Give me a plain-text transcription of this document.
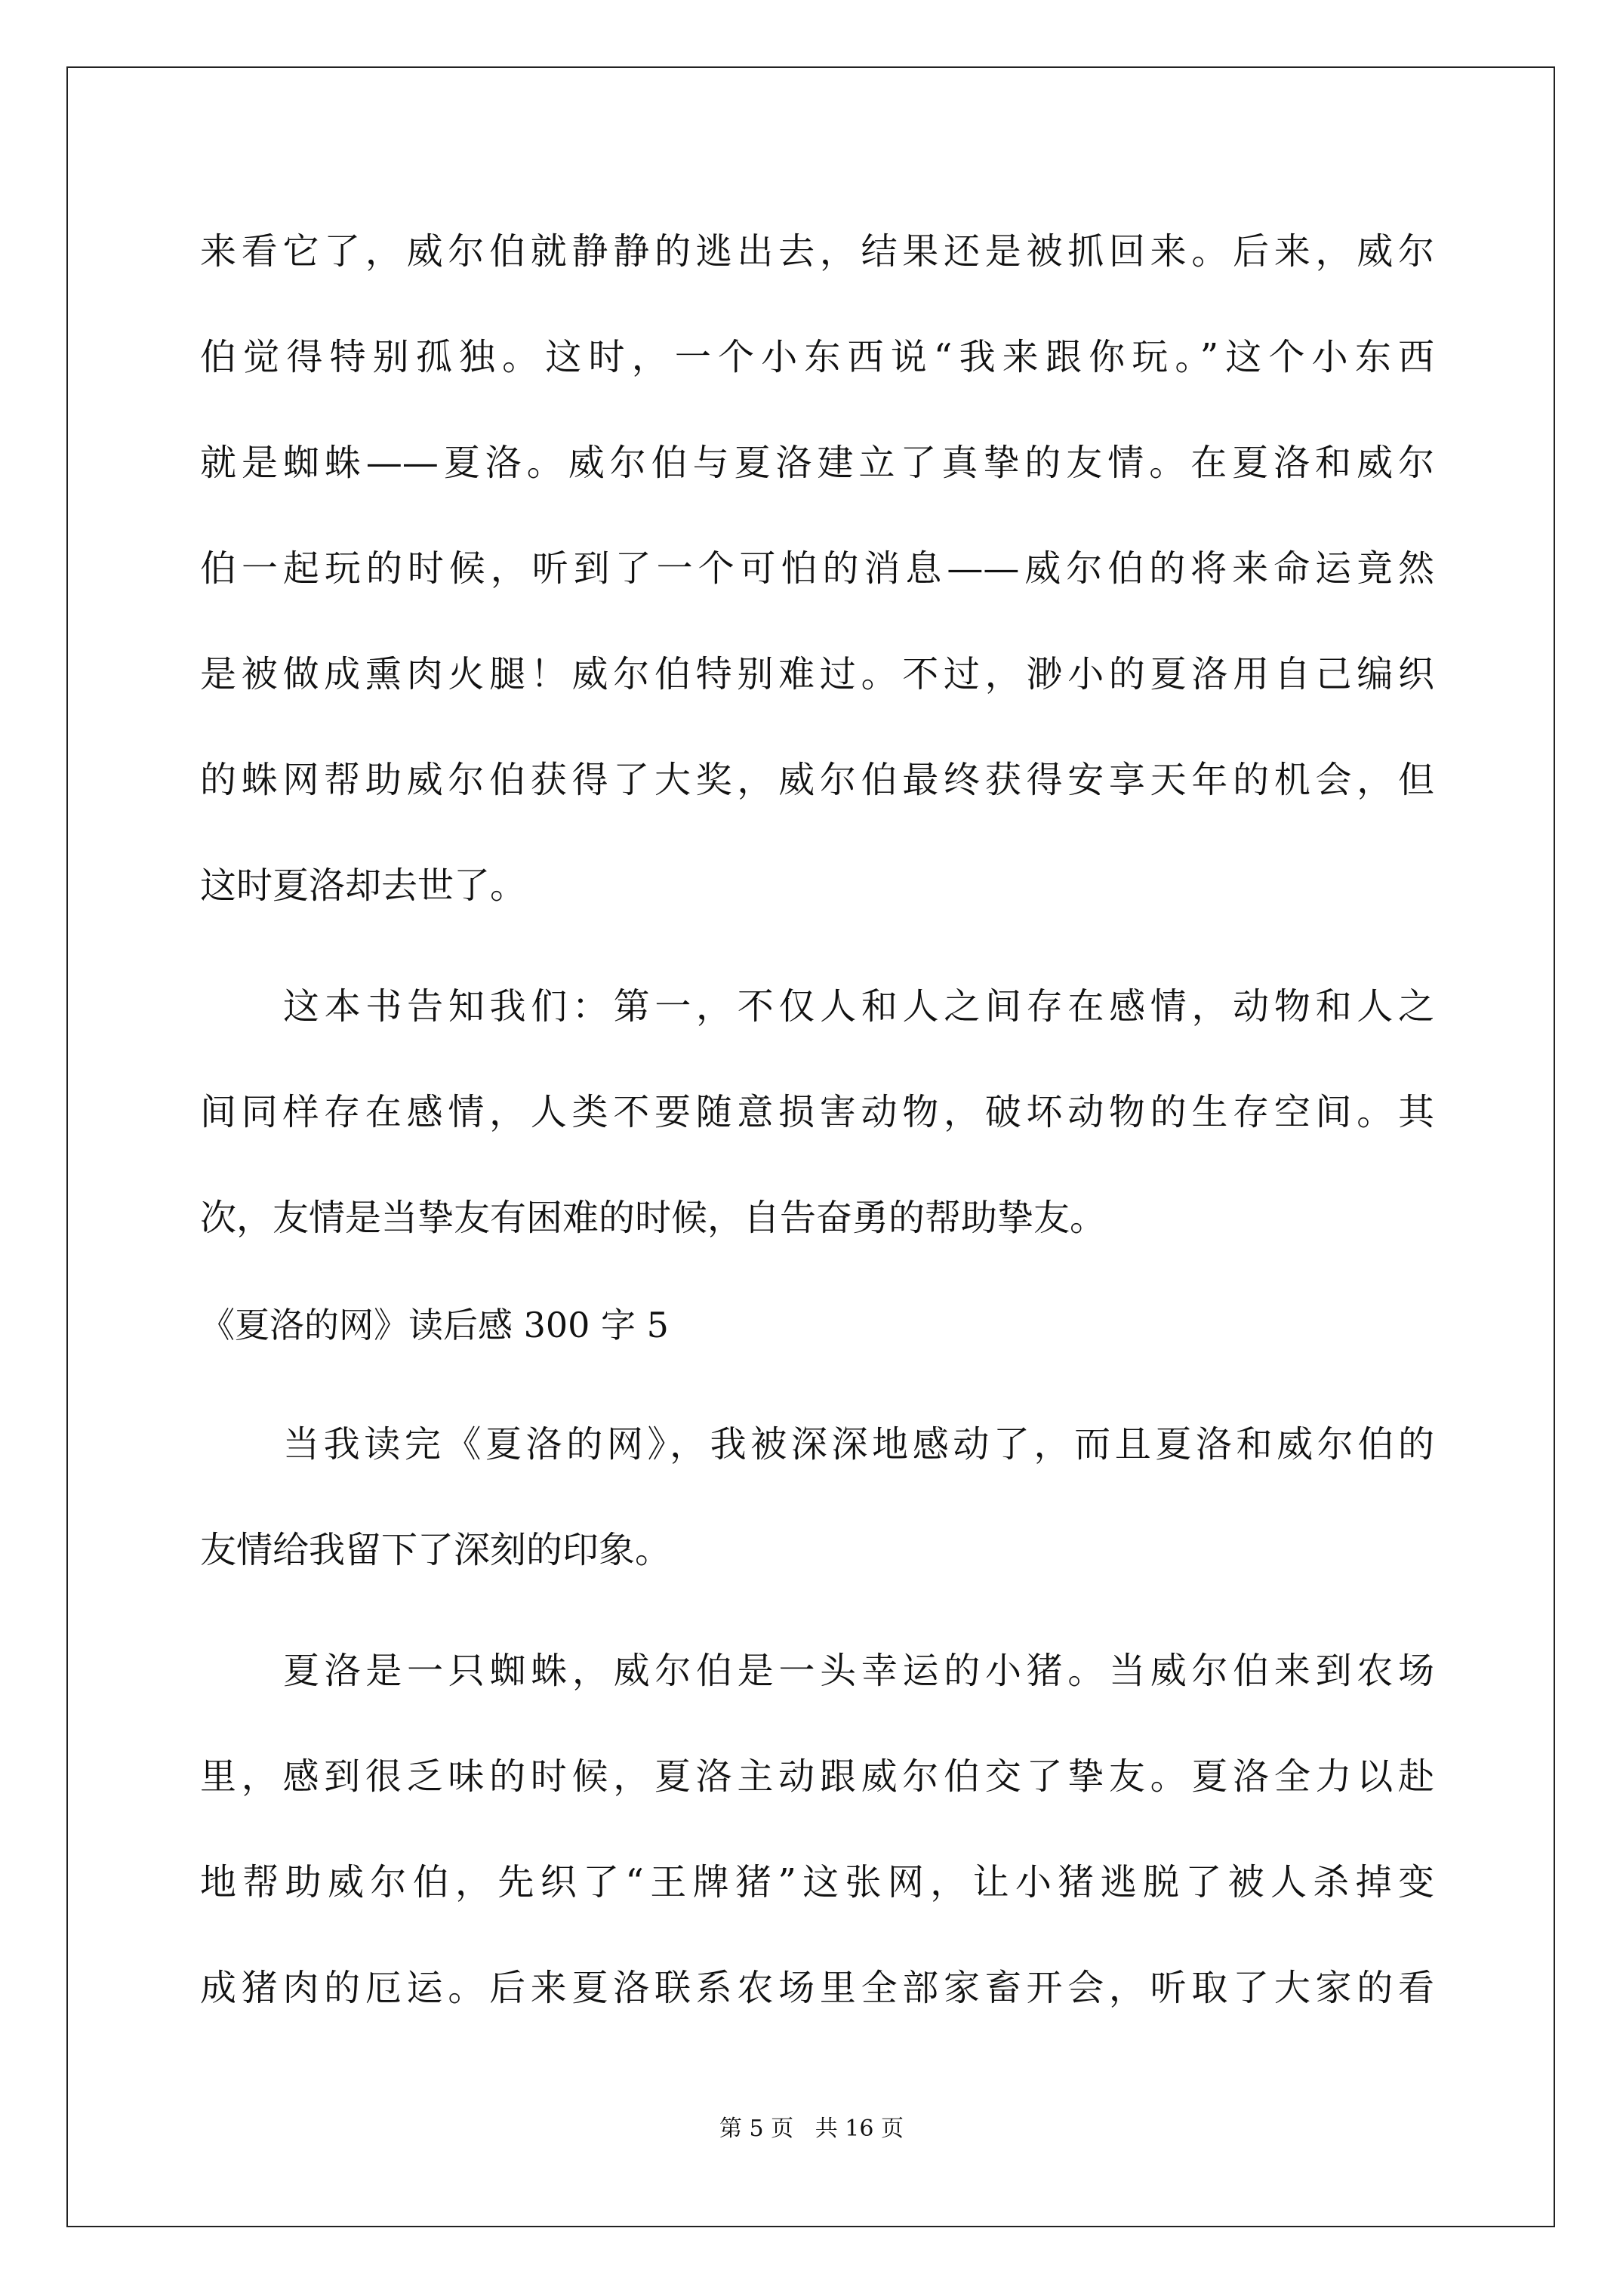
来看它了，威尔伯就静静的逃出去，结果还是被抓回来。后来，威尔
伯觉得特别孤独。这时，一个小东西说“我来跟你玩。”这个小东西
就是蜘蛛——夏洛。威尔伯与夏洛建立了真挚的友情。在夏洛和威尔
伯一起玩的时候，听到了一个可怕的消息——威尔伯的将来命运竟然
是被做成熏肉火腿！威尔伯特别难过。不过，渺小的夏洛用自己编织
的蛛网帮助威尔伯获得了大奖，威尔伯最终获得安享天年的机会，但
这时夏洛却去世了。
这本书告知我们：第一，不仅人和人之间存在感情，动物和人之
间同样存在感情，人类不要随意损害动物，破坏动物的生存空间。其
次，友情是当挚友有困难的时候，自告奋勇的帮助挚友。
《夏洛的网》读后感 300 字 5
当我读完《夏洛的网》，我被深深地感动了，而且夏洛和威尔伯的
友情给我留下了深刻的印象。
夏洛是一只蜘蛛，威尔伯是一头幸运的小猪。当威尔伯来到农场
里，感到很乏味的时候，夏洛主动跟威尔伯交了挚友。夏洛全力以赴
地帮助威尔伯，先织了“王牌猪”这张网，让小猪逃脱了被人杀掉变
成猪肉的厄运。后来夏洛联系农场里全部家畜开会，听取了大家的看
第 5 页   共 16 页
